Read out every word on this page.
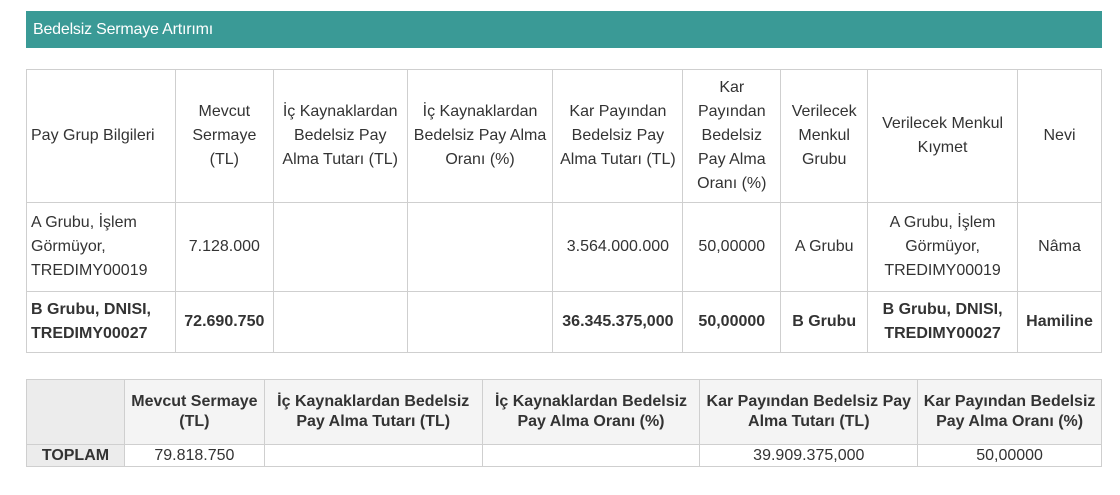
Bedelsiz Sermaye Artırımı
Pay Grup Bilgileri	Mevcut Sermaye (TL)	İç Kaynaklardan Bedelsiz Pay Alma Tutarı (TL)	İç Kaynaklardan Bedelsiz Pay Alma Oranı (%)	Kar Payından Bedelsiz Pay Alma Tutarı (TL)	Kar Payından Bedelsiz Pay Alma Oranı (%)	Verilecek Menkul Grubu	Verilecek Menkul Kıymet	Nevi
A Grubu, İşlem Görmüyor, TREDIMY00019	7.128.000			3.564.000.000	50,00000	A Grubu	A Grubu, İşlem Görmüyor, TREDIMY00019	Nâma
B Grubu, DNISI, TREDIMY00027	72.690.750			36.345.375,000	50,00000	B Grubu	B Grubu, DNISI, TREDIMY00027	Hamiline
	Mevcut Sermaye (TL)	İç Kaynaklardan Bedelsiz Pay Alma Tutarı (TL)	İç Kaynaklardan Bedelsiz Pay Alma Oranı (%)	Kar Payından Bedelsiz Pay Alma Tutarı (TL)	Kar Payından Bedelsiz Pay Alma Oranı (%)
TOPLAM	79.818.750			39.909.375,000	50,00000
